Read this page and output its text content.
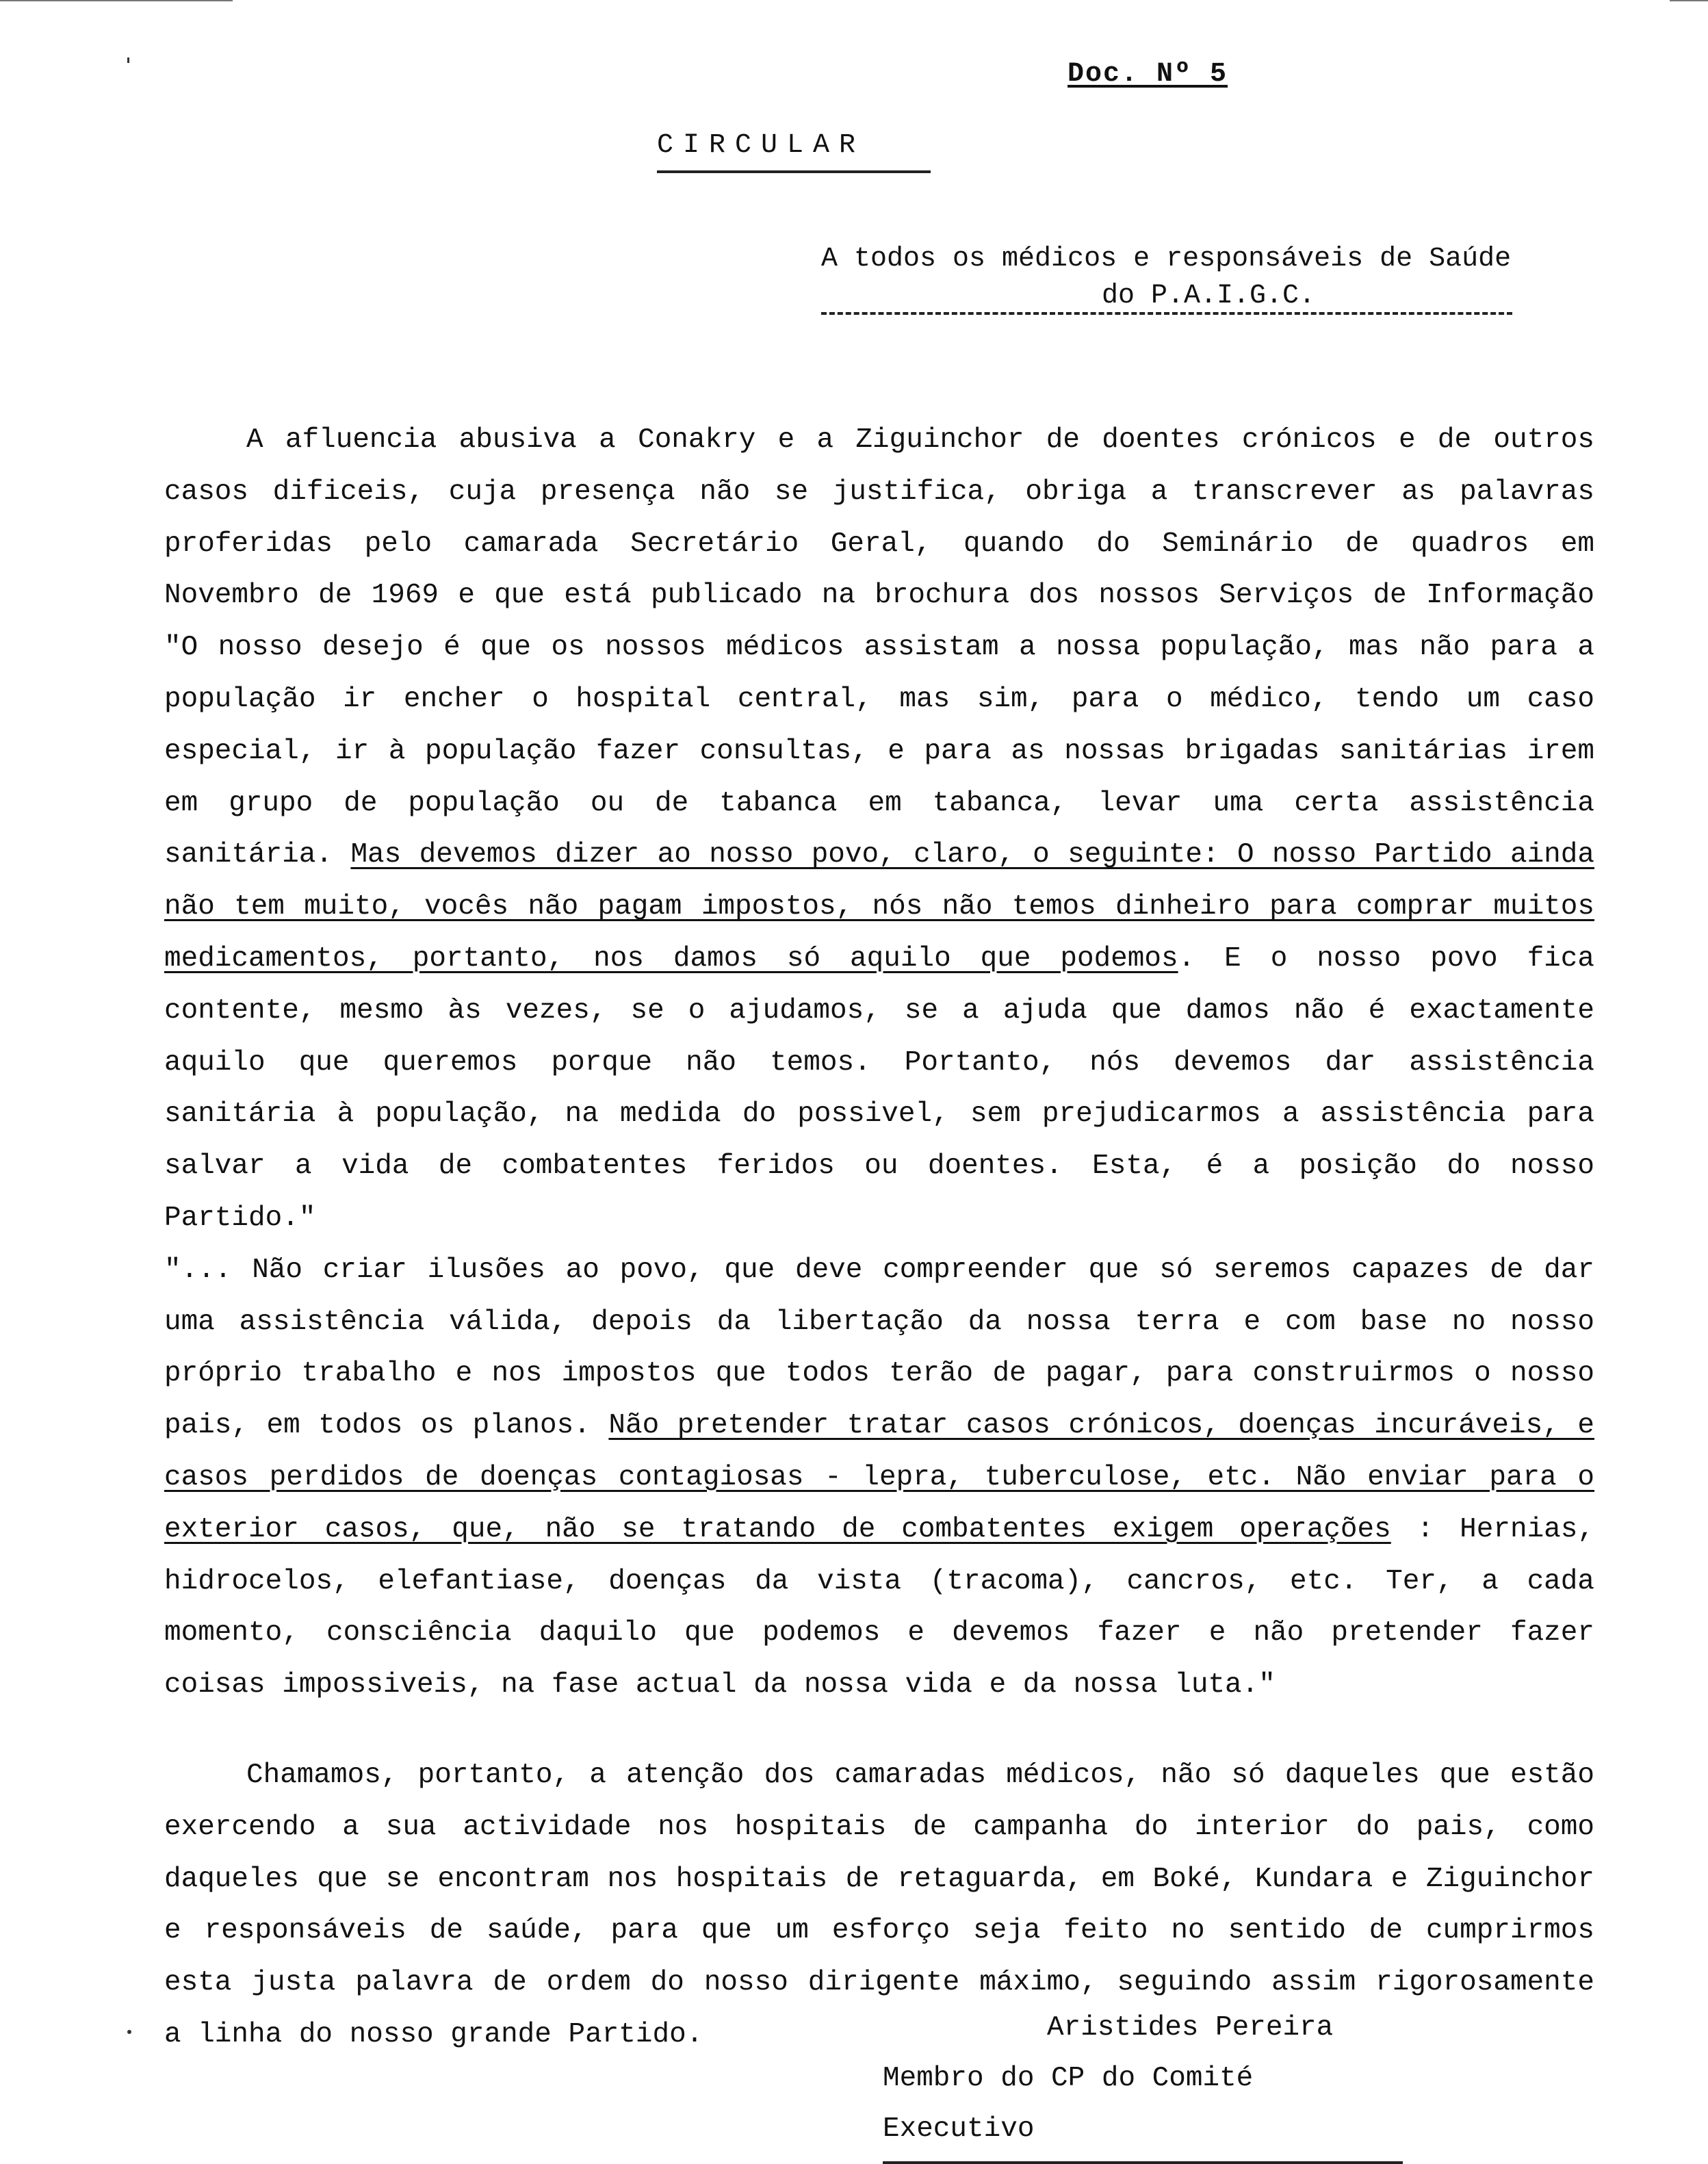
Doc. Nº 5
CIRCULAR
A todos os médicos e responsáveis de Saúde
do P.A.I.G.C.

A afluencia abusiva a Conakry e a Ziguinchor de doentes crónicos e de outros casos dificeis, cuja presença não se justifica, obriga a transcrever as palavras proferidas pelo camarada Secretário Geral, quando do Seminário de quadros em Novembro de 1969 e que está publicado na brochura dos nossos Serviços de Informação "O nosso desejo é que os nossos médicos assistam a nossa população, mas não para a população ir encher o hospital central, mas sim, para o médico, tendo um caso especial, ir à população fazer consultas, e para as nossas brigadas sanitárias irem em grupo de população ou de tabanca em tabanca, levar uma certa assistência sanitária. Mas devemos dizer ao nosso povo, claro, o seguinte: O nosso Partido ainda não tem muito, vocês não pagam impostos, nós não temos dinheiro para comprar muitos medicamentos, portanto, nos damos só aquilo que podemos. E o nosso povo fica contente, mesmo às vezes, se o ajudamos, se a ajuda que damos não é exactamente aquilo que queremos porque não temos. Portanto, nós devemos dar assistência sanitária à população, na medida do possivel, sem prejudicarmos a assistência para salvar a vida de combatentes feridos ou doentes. Esta, é a posição do nosso Partido."

"... Não criar ilusões ao povo, que deve compreender que só seremos capazes de dar uma assistência válida, depois da libertação da nossa terra e com base no nosso próprio trabalho e nos impostos que todos terão de pagar, para construirmos o nosso pais, em todos os planos. Não pretender tratar casos crónicos, doenças incuráveis, e casos perdidos de doenças contagiosas - lepra, tuberculose, etc. Não enviar para o exterior casos, que, não se tratando de combatentes exigem operações : Hernias, hidrocelos, elefantiase, doenças da vista (tracoma), cancros, etc. Ter, a cada momento, consciência daquilo que podemos e devemos fazer e não pretender fazer coisas impossiveis, na fase actual da nossa vida e da nossa luta."

Chamamos, portanto, a atenção dos camaradas médicos, não só daqueles que estão exercendo a sua actividade nos hospitais de campanha do interior do pais, como daqueles que se encontram nos hospitais de retaguarda, em Boké, Kundara e Ziguinchor e responsáveis de saúde, para que um esforço seja feito no sentido de cumprirmos esta justa palavra de ordem do nosso dirigente máximo, seguindo assim rigorosamente a linha do nosso grande Partido.	Aristides Pereira
Membro do CP do Comité Executivo
